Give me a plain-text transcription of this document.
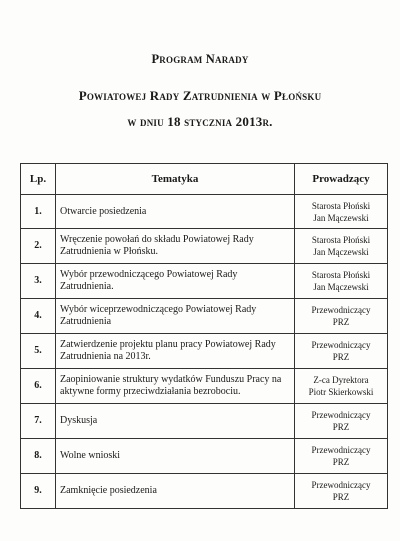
Program Narady
Powiatowej Rady Zatrudnienia w Płońsku
w dniu 18 stycznia 2013r.
Lp.	Tematyka	Prowadzący
1.	Otwarcie posiedzenia	Starosta Płoński
Jan Mączewski

2.	Wręczenie powołań do składu Powiatowej Rady Zatrudnienia w Płońsku.	Starosta Płoński
Jan Mączewski

3.	Wybór przewodniczącego Powiatowej Rady Zatrudnienia.	Starosta Płoński
Jan Mączewski

4.	Wybór wiceprzewodniczącego Powiatowej Rady Zatrudnienia	Przewodniczący
PRZ

5.	Zatwierdzenie projektu planu pracy Powiatowej Rady Zatrudnienia na 2013r.	Przewodniczący
PRZ

6.	Zaopiniowanie struktury wydatków Funduszu Pracy na aktywne formy przeciwdziałania bezrobociu.	Z-ca Dyrektora
Piotr Skierkowski

7.	Dyskusja	Przewodniczący
PRZ

8.	Wolne wnioski	Przewodniczący
PRZ

9.	Zamknięcie posiedzenia	Przewodniczący
PRZ
